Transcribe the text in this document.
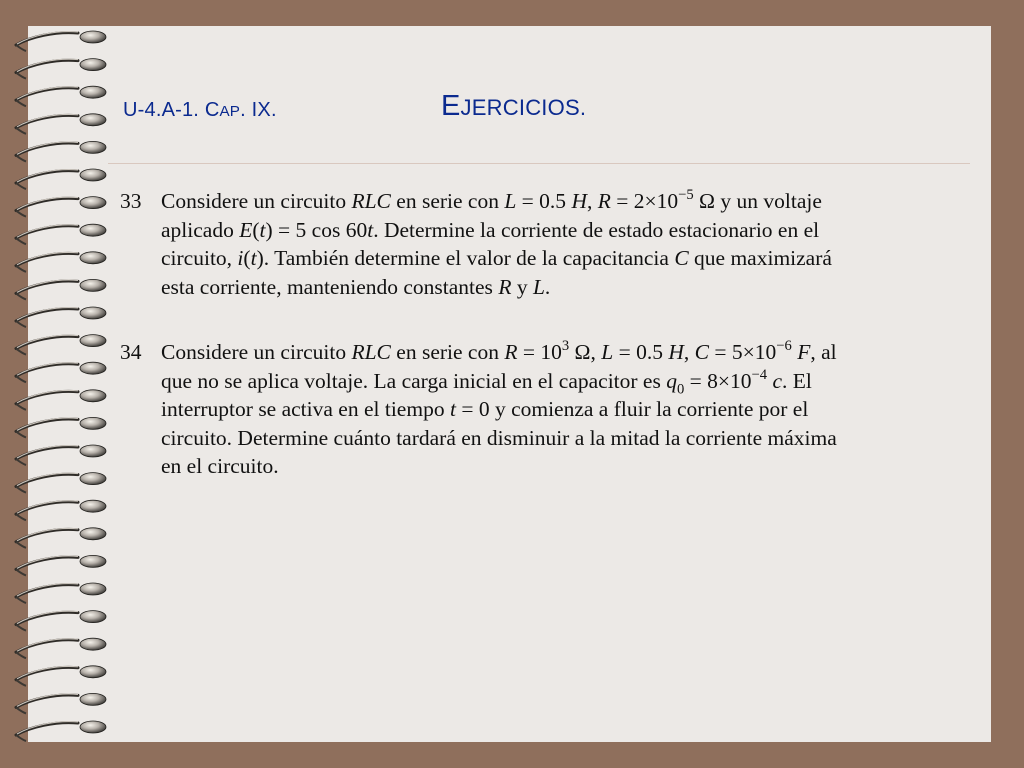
U-4.A-1. CAP. IX.	EJERCICIOS.
33 Considere un circuito RLC en serie con L = 0.5 H, $R = 2\times 10^{-5}$ Ω y un voltaje
aplicado E(t) = 5 cos 60t. Determine la corriente de estado estacionario en el
circuito, i(t). También determine el valor de la capacitancia C que maximizará
esta corriente, manteniendo constantes R y L.
34 Considere un circuito RLC en serie con $R = 10^3$ Ω, L = 0.5 H, $C = 5\times 10^{-6}$ F, al
que no se aplica voltaje. La carga inicial en el capacitor es $q_0 = 8\times 10^{-4}$ c. El
interruptor se activa en el tiempo t = 0 y comienza a fluir la corriente por el
circuito. Determine cuánto tardará en disminuir a la mitad la corriente máxima
en el circuito.
